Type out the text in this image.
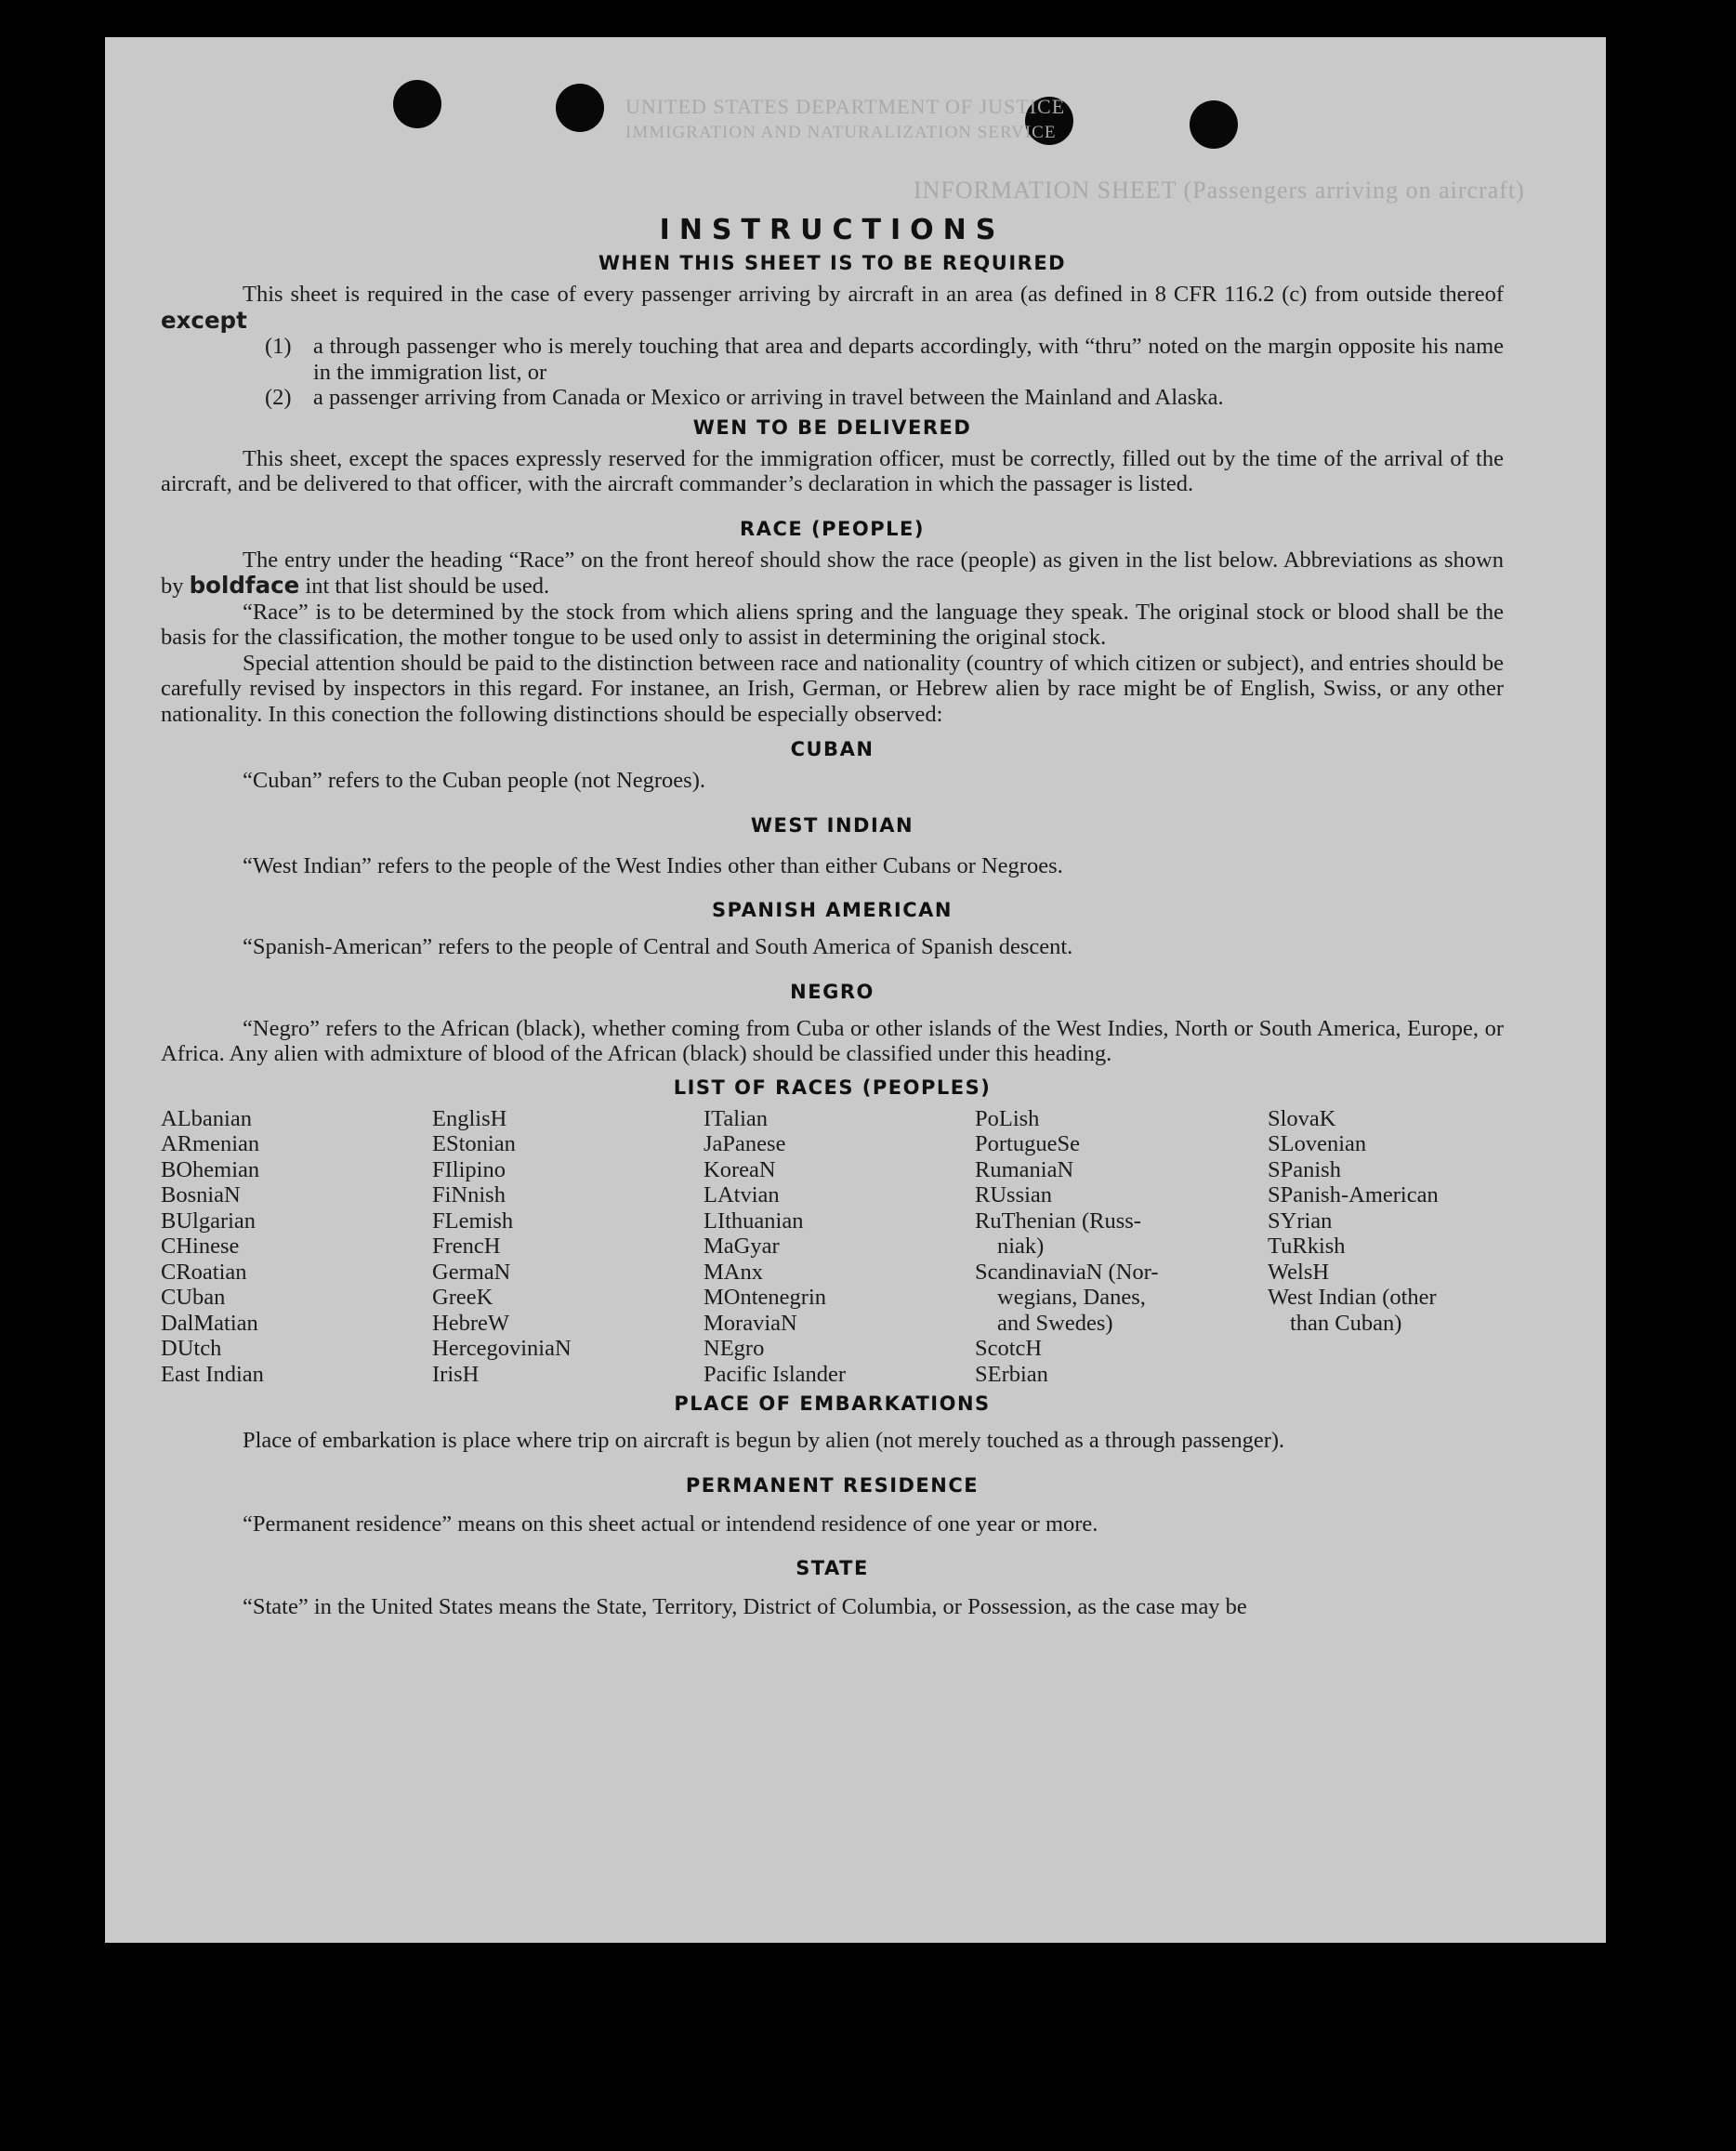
UNITED STATES DEPARTMENT OF JUSTICE
IMMIGRATION AND NATURALIZATION SERVICE
INFORMATION SHEET (Passengers arriving on aircraft)
INSTRUCTIONS
WHEN THIS SHEET IS TO BE REQUIRED

This sheet is required in the case of every passenger arriving by aircraft in an area (as defined in 8 CFR 116.2 (c) from outside thereof except

(1) a through passenger who is merely touching that area and departs accordingly, with “thru” noted on the margin opposite his name in the immigration list, or
(2) a passenger arriving from Canada or Mexico or arriving in travel between the Mainland and Alaska.
WEN TO BE DELIVERED

This sheet, except the spaces expressly reserved for the immigration officer, must be correctly, filled out by the time of the arrival of the aircraft, and be delivered to that officer, with the aircraft commander’s declaration in which the passager is listed.

RACE (PEOPLE)

The entry under the heading “Race” on the front hereof should show the race (people) as given in the list below. Abbreviations as shown by boldface int that list should be used.

“Race” is to be determined by the stock from which aliens spring and the language they speak. The original stock or blood shall be the basis for the classification, the mother tongue to be used only to assist in determining the original stock.

Special attention should be paid to the distinction between race and nationality (country of which citizen or subject), and entries should be carefully revised by inspectors in this regard. For instanee, an Irish, German, or Hebrew alien by race might be of English, Swiss, or any other nationality. In this conection the following distinctions should be especially observed:

CUBAN

“Cuban” refers to the Cuban people (not Negroes).

WEST INDIAN

“West Indian” refers to the people of the West Indies other than either Cubans or Negroes.

SPANISH AMERICAN

“Spanish-American” refers to the people of Central and South America of Spanish descent.

NEGRO

“Negro” refers to the African (black), whether coming from Cuba or other islands of the West Indies, North or South America, Europe, or Africa. Any alien with admixture of blood of the African (black) should be classified under this heading.

LIST OF RACES (PEOPLES)
ALbanian
ARmenian
BOhemian
BosniaN
BUlgarian
CHinese
CRoatian
CUban
DalMatian
DUtch
East Indian
EnglisH
EStonian
FIlipino
FiNnish
FLemish
FrencH
GermaN
GreeK
HebreW
HercegoviniaN
IrisH
ITalian
JaPanese
KoreaN
LAtvian
LIthuanian
MaGyar
MAnx
MOntenegrin
MoraviaN
NEgro
Pacific Islander
PoLish
PortugueSe
RumaniaN
RUssian
RuThenian (Russ-
niak)
ScandinaviaN (Nor-
wegians, Danes,
and Swedes)
ScotcH
SErbian
SlovaK
SLovenian
SPanish
SPanish-American
SYrian
TuRkish
WelsH
West Indian (other
than Cuban)
PLACE OF EMBARKATIONS

Place of embarkation is place where trip on aircraft is begun by alien (not merely touched as a through passenger).

PERMANENT RESIDENCE

“Permanent residence” means on this sheet actual or intendend residence of one year or more.

STATE

“State” in the United States means the State, Territory, District of Columbia, or Possession, as the case may be
